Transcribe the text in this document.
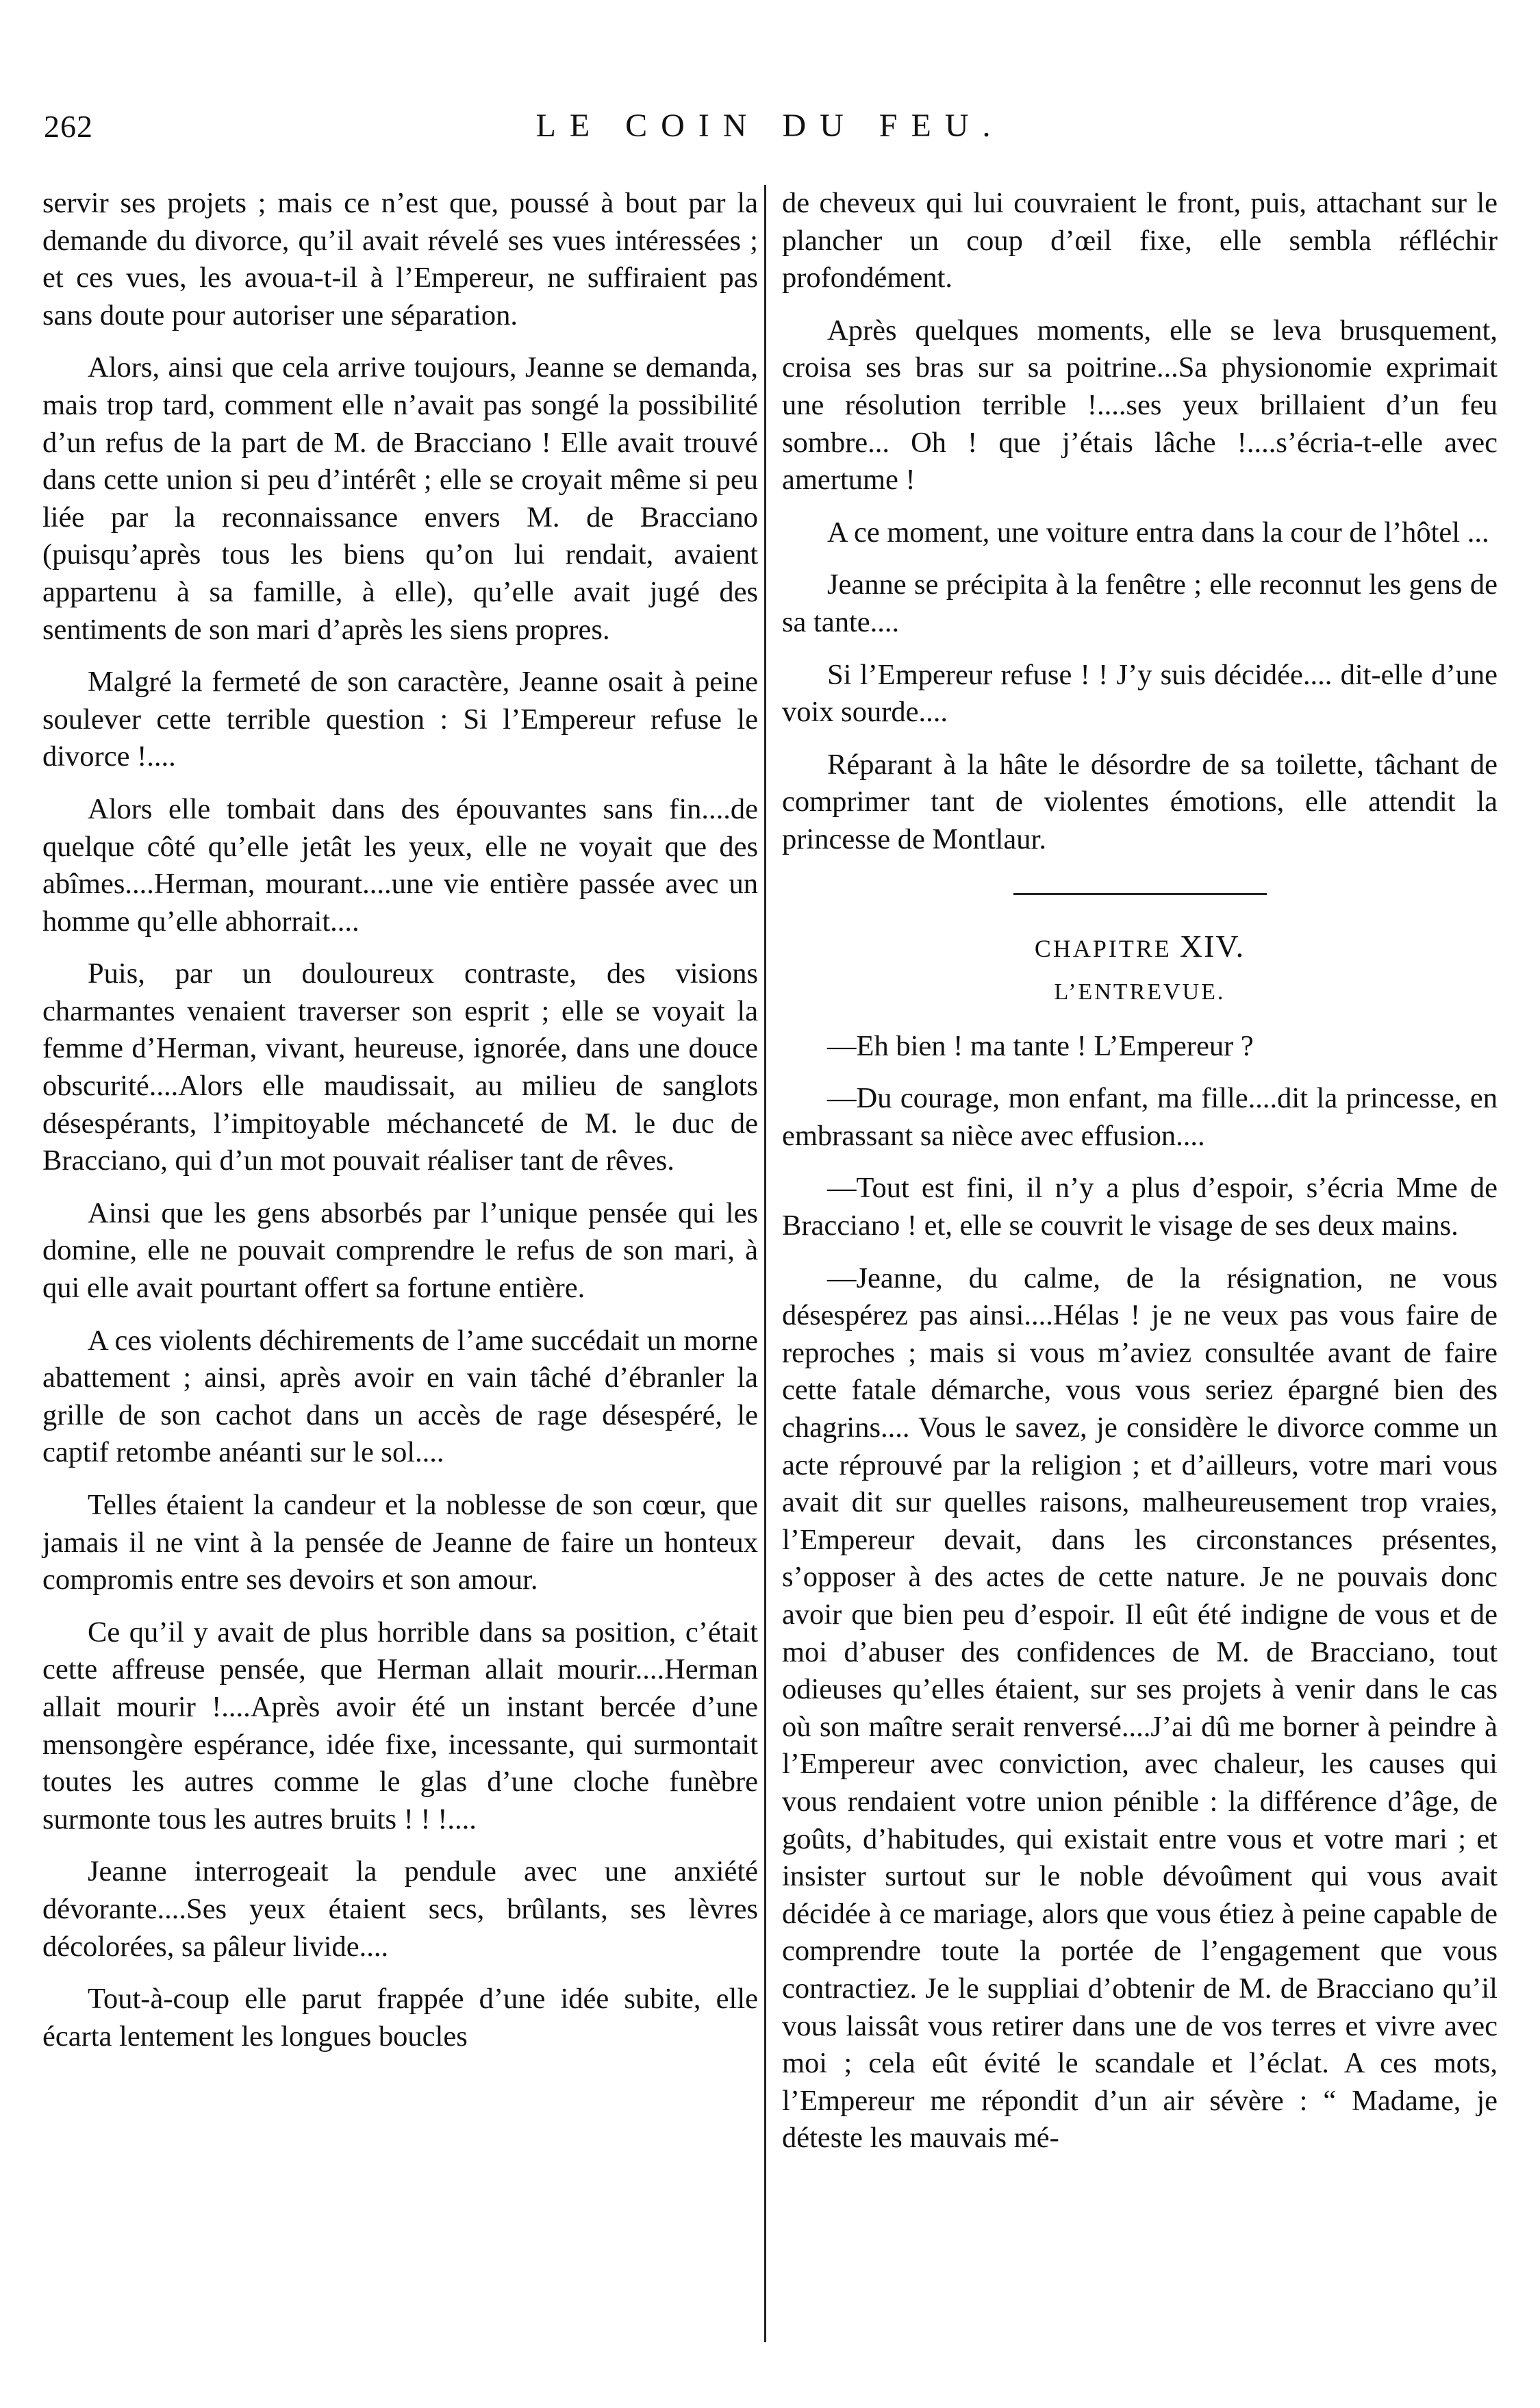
262	LE COIN DU FEU.

servir ses projets ; mais ce n’est que, poussé à bout par la demande du divorce, qu’il avait révelé ses vues intéressées ; et ces vues, les avoua-t-il à l’Empereur, ne suffiraient pas sans doute pour autoriser une séparation.

Alors, ainsi que cela arrive toujours, Jeanne se demanda, mais trop tard, comment elle n’avait pas songé la possibilité d’un refus de la part de M. de Bracciano ! Elle avait trouvé dans cette union si peu d’intérêt ; elle se croyait même si peu liée par la reconnaissance envers M. de Bracciano (puisqu’après tous les biens qu’on lui rendait, avaient appartenu à sa famille, à elle), qu’elle avait jugé des sentiments de son mari d’après les siens propres.

Malgré la fermeté de son caractère, Jeanne osait à peine soulever cette terrible question : Si l’Empereur refuse le divorce !....

Alors elle tombait dans des épouvantes sans fin....de quelque côté qu’elle jetât les yeux, elle ne voyait que des abîmes....Herman, mourant....une vie entière passée avec un homme qu’elle abhorrait....

Puis, par un douloureux contraste, des visions charmantes venaient traverser son esprit ; elle se voyait la femme d’Herman, vivant, heureuse, ignorée, dans une douce obscurité....Alors elle maudissait, au milieu de sanglots désespérants, l’impitoyable méchanceté de M. le duc de Bracciano, qui d’un mot pouvait réaliser tant de rêves.

Ainsi que les gens absorbés par l’unique pensée qui les domine, elle ne pouvait comprendre le refus de son mari, à qui elle avait pourtant offert sa fortune entière.

A ces violents déchirements de l’ame succédait un morne abattement ; ainsi, après avoir en vain tâché d’ébranler la grille de son cachot dans un accès de rage désespéré, le captif retombe anéanti sur le sol....

Telles étaient la candeur et la noblesse de son cœur, que jamais il ne vint à la pensée de Jeanne de faire un honteux compromis entre ses devoirs et son amour.

Ce qu’il y avait de plus horrible dans sa position, c’était cette affreuse pensée, que Herman allait mourir....Herman allait mourir !....Après avoir été un instant bercée d’une mensongère espérance, idée fixe, incessante, qui surmontait toutes les autres comme le glas d’une cloche funèbre surmonte tous les autres bruits ! ! !....

Jeanne interrogeait la pendule avec une anxiété dévorante....Ses yeux étaient secs, brûlants, ses lèvres décolorées, sa pâleur livide....

Tout-à-coup elle parut frappée d’une idée subite, elle écarta lentement les longues boucles

de cheveux qui lui couvraient le front, puis, attachant sur le plancher un coup d’œil fixe, elle sembla réfléchir profondément.

Après quelques moments, elle se leva brusquement, croisa ses bras sur sa poitrine...Sa physionomie exprimait une résolution terrible !....ses yeux brillaient d’un feu sombre... Oh ! que j’étais lâche !....s’écria-t-elle avec amertume !

A ce moment, une voiture entra dans la cour de l’hôtel ...

Jeanne se précipita à la fenêtre ; elle reconnut les gens de sa tante....

Si l’Empereur refuse ! ! J’y suis décidée.... dit-elle d’une voix sourde....

Réparant à la hâte le désordre de sa toilette, tâchant de comprimer tant de violentes émotions, elle attendit la princesse de Montlaur.

CHAPITRE XIV.
L’ENTREVUE.

—Eh bien ! ma tante ! L’Empereur ?

—Du courage, mon enfant, ma fille....dit la princesse, en embrassant sa nièce avec effusion....

—Tout est fini, il n’y a plus d’espoir, s’écria Mme de Bracciano ! et, elle se couvrit le visage de ses deux mains.

—Jeanne, du calme, de la résignation, ne vous désespérez pas ainsi....Hélas ! je ne veux pas vous faire de reproches ; mais si vous m’aviez consultée avant de faire cette fatale démarche, vous vous seriez épargné bien des chagrins.... Vous le savez, je considère le divorce comme un acte réprouvé par la religion ; et d’ailleurs, votre mari vous avait dit sur quelles raisons, malheureusement trop vraies, l’Empereur devait, dans les circonstances présentes, s’opposer à des actes de cette nature. Je ne pouvais donc avoir que bien peu d’espoir. Il eût été indigne de vous et de moi d’abuser des confidences de M. de Bracciano, tout odieuses qu’elles étaient, sur ses projets à venir dans le cas où son maître serait renversé....J’ai dû me borner à peindre à l’Empereur avec conviction, avec chaleur, les causes qui vous rendaient votre union pénible : la différence d’âge, de goûts, d’habitudes, qui existait entre vous et votre mari ; et insister surtout sur le noble dévoûment qui vous avait décidée à ce mariage, alors que vous étiez à peine capable de comprendre toute la portée de l’engagement que vous contractiez. Je le suppliai d’obtenir de M. de Bracciano qu’il vous laissât vous retirer dans une de vos terres et vivre avec moi ; cela eût évité le scandale et l’éclat. A ces mots, l’Empereur me répondit d’un air sévère : “ Madame, je déteste les mauvais mé-
